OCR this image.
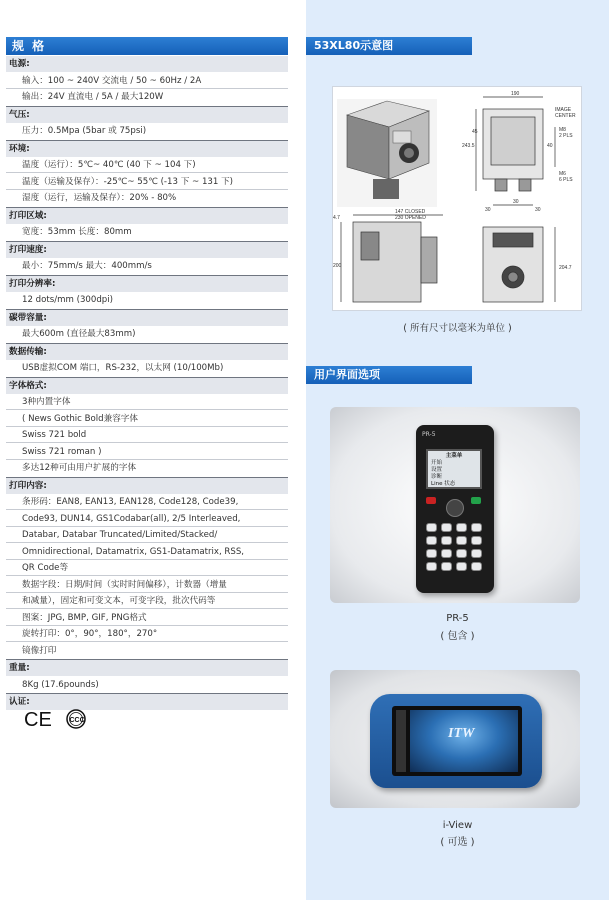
规 格
电源:
输入：100 ~ 240V 交流电 / 50 ~ 60Hz / 2A
输出：24V 直流电 / 5A / 最大120W
气压:
压力：0.5Mpa (5bar 或 75psi)
环境:
温度（运行）：5℃~ 40℃ (40 下 ~ 104 下)
温度（运输及保存）：-25℃~ 55℃ (-13 下 ~ 131 下)
湿度（运行，运输及保存）：20% - 80%
打印区域:
宽度：53mm 长度：80mm
打印速度:
最小：75mm/s 最大：400mm/s
打印分辨率:
12 dots/mm (300dpi)
碳带容量:
最大600m (直径最大83mm)
数据传输:
USB虚拟COM 端口，RS-232，以太网 (10/100Mb)
字体格式:
3种内置字体
( News Gothic Bold兼容字体
Swiss 721 bold
Swiss 721 roman )
多达12种可由用户扩展的字体
打印内容:
条形码：EAN8, EAN13, EAN128, Code128, Code39,
Code93, DUN14, GS1Codabar(all), 2/5 Interleaved,
Databar, Databar Truncated/Limited/Stacked/
Omnidirectional, Datamatrix, GS1-Datamatrix, RSS,
QR Code等
数据字段：日期/时间（实时时间偏移），计数器（增量
和减量），固定和可变文本，可变字段，批次代码等
图案：JPG, BMP, GIF, PNG格式
旋转打印：0°，90°，180°，270°
镜像打印
重量:
8Kg (17.6pounds)
认证:
CE	CCC
53XL80示意图
190
IMAGE
CENTER
M8
2 PLS
243.5
45
40
M6
6 PLS
30
30
30
147 CLOSED
230 OPENED
4.7
200	204.7
( 所有尺寸以毫米为单位 )
用户界面选项
PR-5
主菜单
开始
设置
诊断
Line 状态
PR-5
( 包含 )
ITW
i-View
( 可选 )
